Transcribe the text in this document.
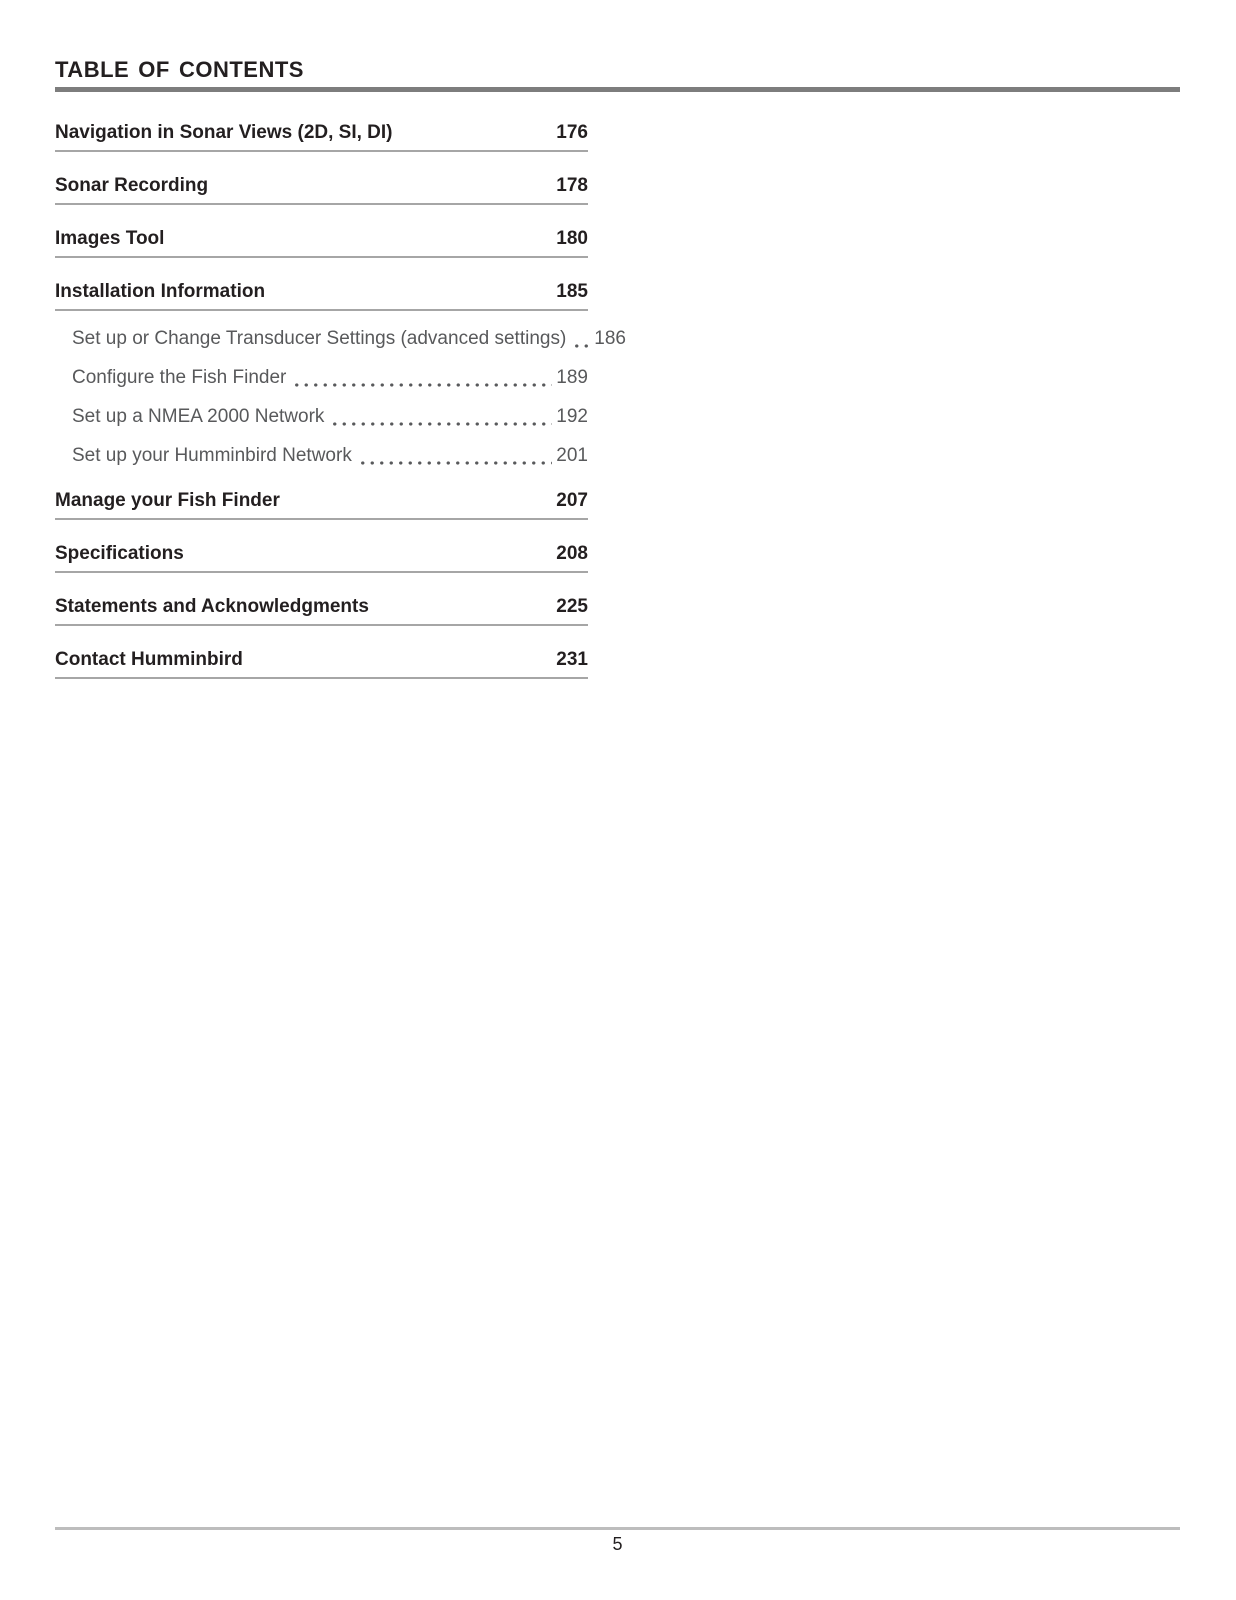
table of contents
Navigation in Sonar Views (2D, SI, DI)	176
Sonar Recording	178
Images Tool	180
Installation Information	185
Set up or Change Transducer Settings (advanced settings) 186
Configure the Fish Finder	189
Set up a NMEA 2000 Network	192
Set up your Humminbird Network	201
Manage your Fish Finder	207
Specifications	208
Statements and Acknowledgments	225
Contact Humminbird	231
5
